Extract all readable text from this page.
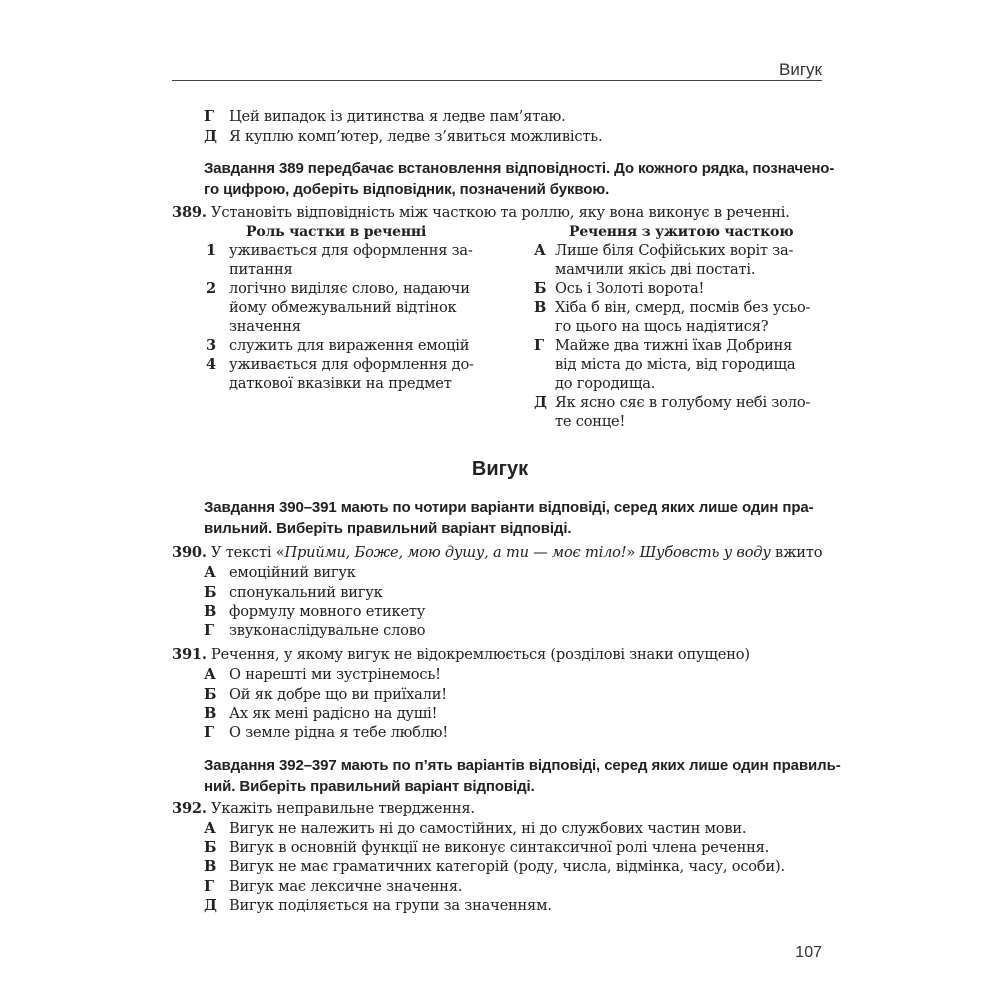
Вигук
Г Цей випадок із дитинства я ледве пам’ятаю.
Д Я куплю комп’ютер, ледве з’явиться можливість.
Завдання 389 передбачає встановлення відповідності. До кожного рядка, позначено-
го цифрою, доберіть відповідник, позначений буквою.
389. Установіть відповідність між часткою та роллю, яку вона виконує в реченні.
Роль частки в реченні	Речення з ужитою часткою
1 уживається для оформлення за-
питання
2 логічно виділяє слово, надаючи
йому обмежувальний відтінок
значення
3 служить для вираження емоцій
4 уживається для оформлення до-
даткової вказівки на предмет
А Лише біля Софійських воріт за-
мамчили якісь дві постаті.
Б Ось і Золоті ворота!
В Хіба б він, смерд, посмів без усьо-
го цього на щось надіятися?
Г Майже два тижні їхав Добриня
від міста до міста, від городища
до городища.
Д Як ясно сяє в голубому небі золо-
те сонце!
Вигук
Завдання 390–391 мають по чотири варіанти відповіді, серед яких лише один пра-
вильний. Виберіть правильний варіант відповіді.
390. У тексті «Прийми, Боже, мою душу, а ти — моє тіло!» Шубовсть у воду вжито
А емоційний вигук
Б спонукальний вигук
В формулу мовного етикету
Г звуконаслідувальне слово
391. Речення, у якому вигук не відокремлюється (розділові знаки опущено)
А О нарешті ми зустрінемось!
Б Ой як добре що ви приїхали!
В Ах як мені радісно на душі!
Г О земле рідна я тебе люблю!
Завдання 392–397 мають по п’ять варіантів відповіді, серед яких лише один правиль-
ний. Виберіть правильний варіант відповіді.
392. Укажіть неправильне твердження.
А Вигук не належить ні до самостійних, ні до службових частин мови.
Б Вигук в основній функції не виконує синтаксичної ролі члена речення.
В Вигук не має граматичних категорій (роду, числа, відмінка, часу, особи).
Г Вигук має лексичне значення.
Д Вигук поділяється на групи за значенням.
107
